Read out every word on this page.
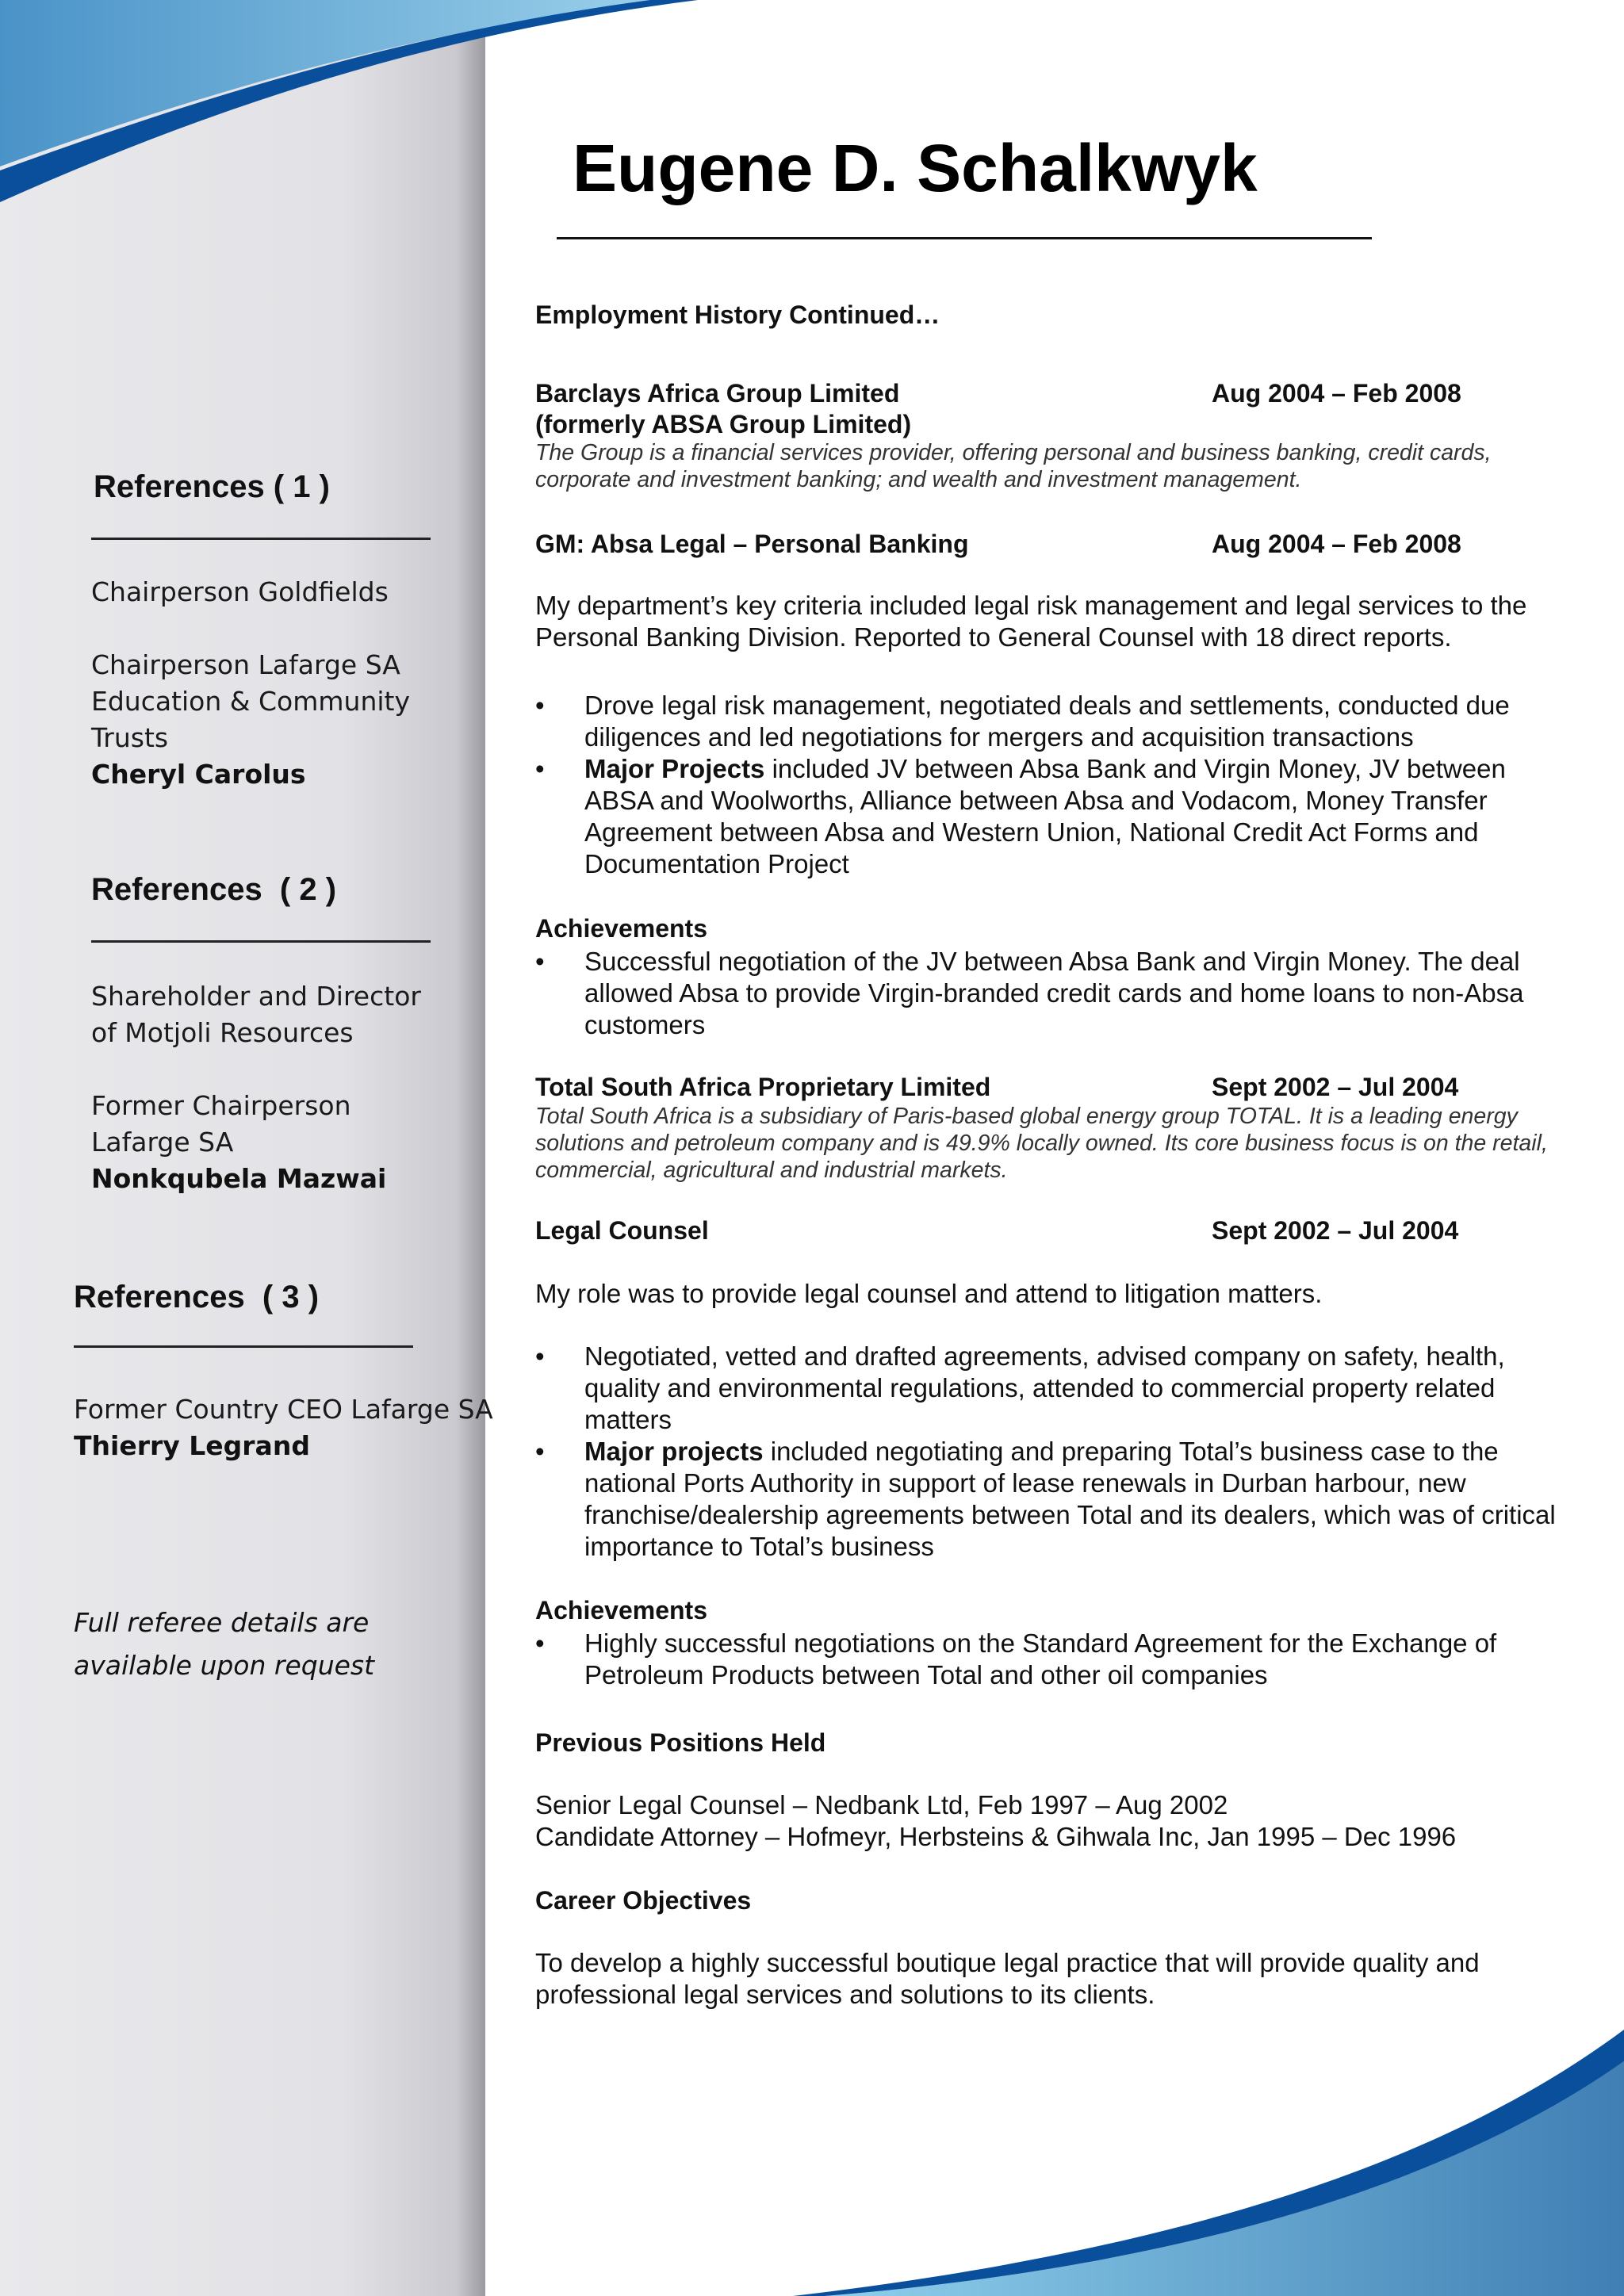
References ( 1 )
Chairperson Goldfields
Chairperson Lafarge SA
Education & Community
Trusts
Cheryl Carolus
References  ( 2 )
Shareholder and Director
of Motjoli Resources
Former Chairperson
Lafarge SA
Nonkqubela Mazwai
References  ( 3 )
Former Country CEO Lafarge SA
Thierry Legrand
Full referee details are available upon request
Eugene D. Schalkwyk
Employment History Continued…
Barclays Africa Group Limited	Aug 2004 – Feb 2008
(formerly ABSA Group Limited)
The Group is a financial services provider, offering personal and business banking, credit cards, corporate and investment banking; and wealth and investment management.
GM: Absa Legal – Personal Banking	Aug 2004 – Feb 2008
My department’s key criteria included legal risk management and legal services to the Personal Banking Division. Reported to General Counsel with 18 direct reports.
• Drove legal risk management, negotiated deals and settlements, conducted due diligences and led negotiations for mergers and acquisition transactions
• Major Projects included JV between Absa Bank and Virgin Money, JV between ABSA and Woolworths, Alliance between Absa and Vodacom, Money Transfer Agreement between Absa and Western Union, National Credit Act Forms and Documentation Project
Achievements
• Successful negotiation of the JV between Absa Bank and Virgin Money. The deal allowed Absa to provide Virgin-branded credit cards and home loans to non-Absa customers
Total South Africa Proprietary Limited	Sept 2002 – Jul 2004
Total South Africa is a subsidiary of Paris-based global energy group TOTAL. It is a leading energy solutions and petroleum company and is 49.9% locally owned. Its core business focus is on the retail, commercial, agricultural and industrial markets.
Legal Counsel	Sept 2002 – Jul 2004
My role was to provide legal counsel and attend to litigation matters.
• Negotiated, vetted and drafted agreements, advised company on safety, health, quality and environmental regulations, attended to commercial property related matters
• Major projects included negotiating and preparing Total’s business case to the national Ports Authority in support of lease renewals in Durban harbour, new franchise/dealership agreements between Total and its dealers, which was of critical importance to Total’s business
Achievements
• Highly successful negotiations on the Standard Agreement for the Exchange of Petroleum Products between Total and other oil companies
Previous Positions Held
Senior Legal Counsel – Nedbank Ltd, Feb 1997 – Aug 2002
Candidate Attorney – Hofmeyr, Herbsteins & Gihwala Inc, Jan 1995 – Dec 1996
Career Objectives
To develop a highly successful boutique legal practice that will provide quality and professional legal services and solutions to its clients.
